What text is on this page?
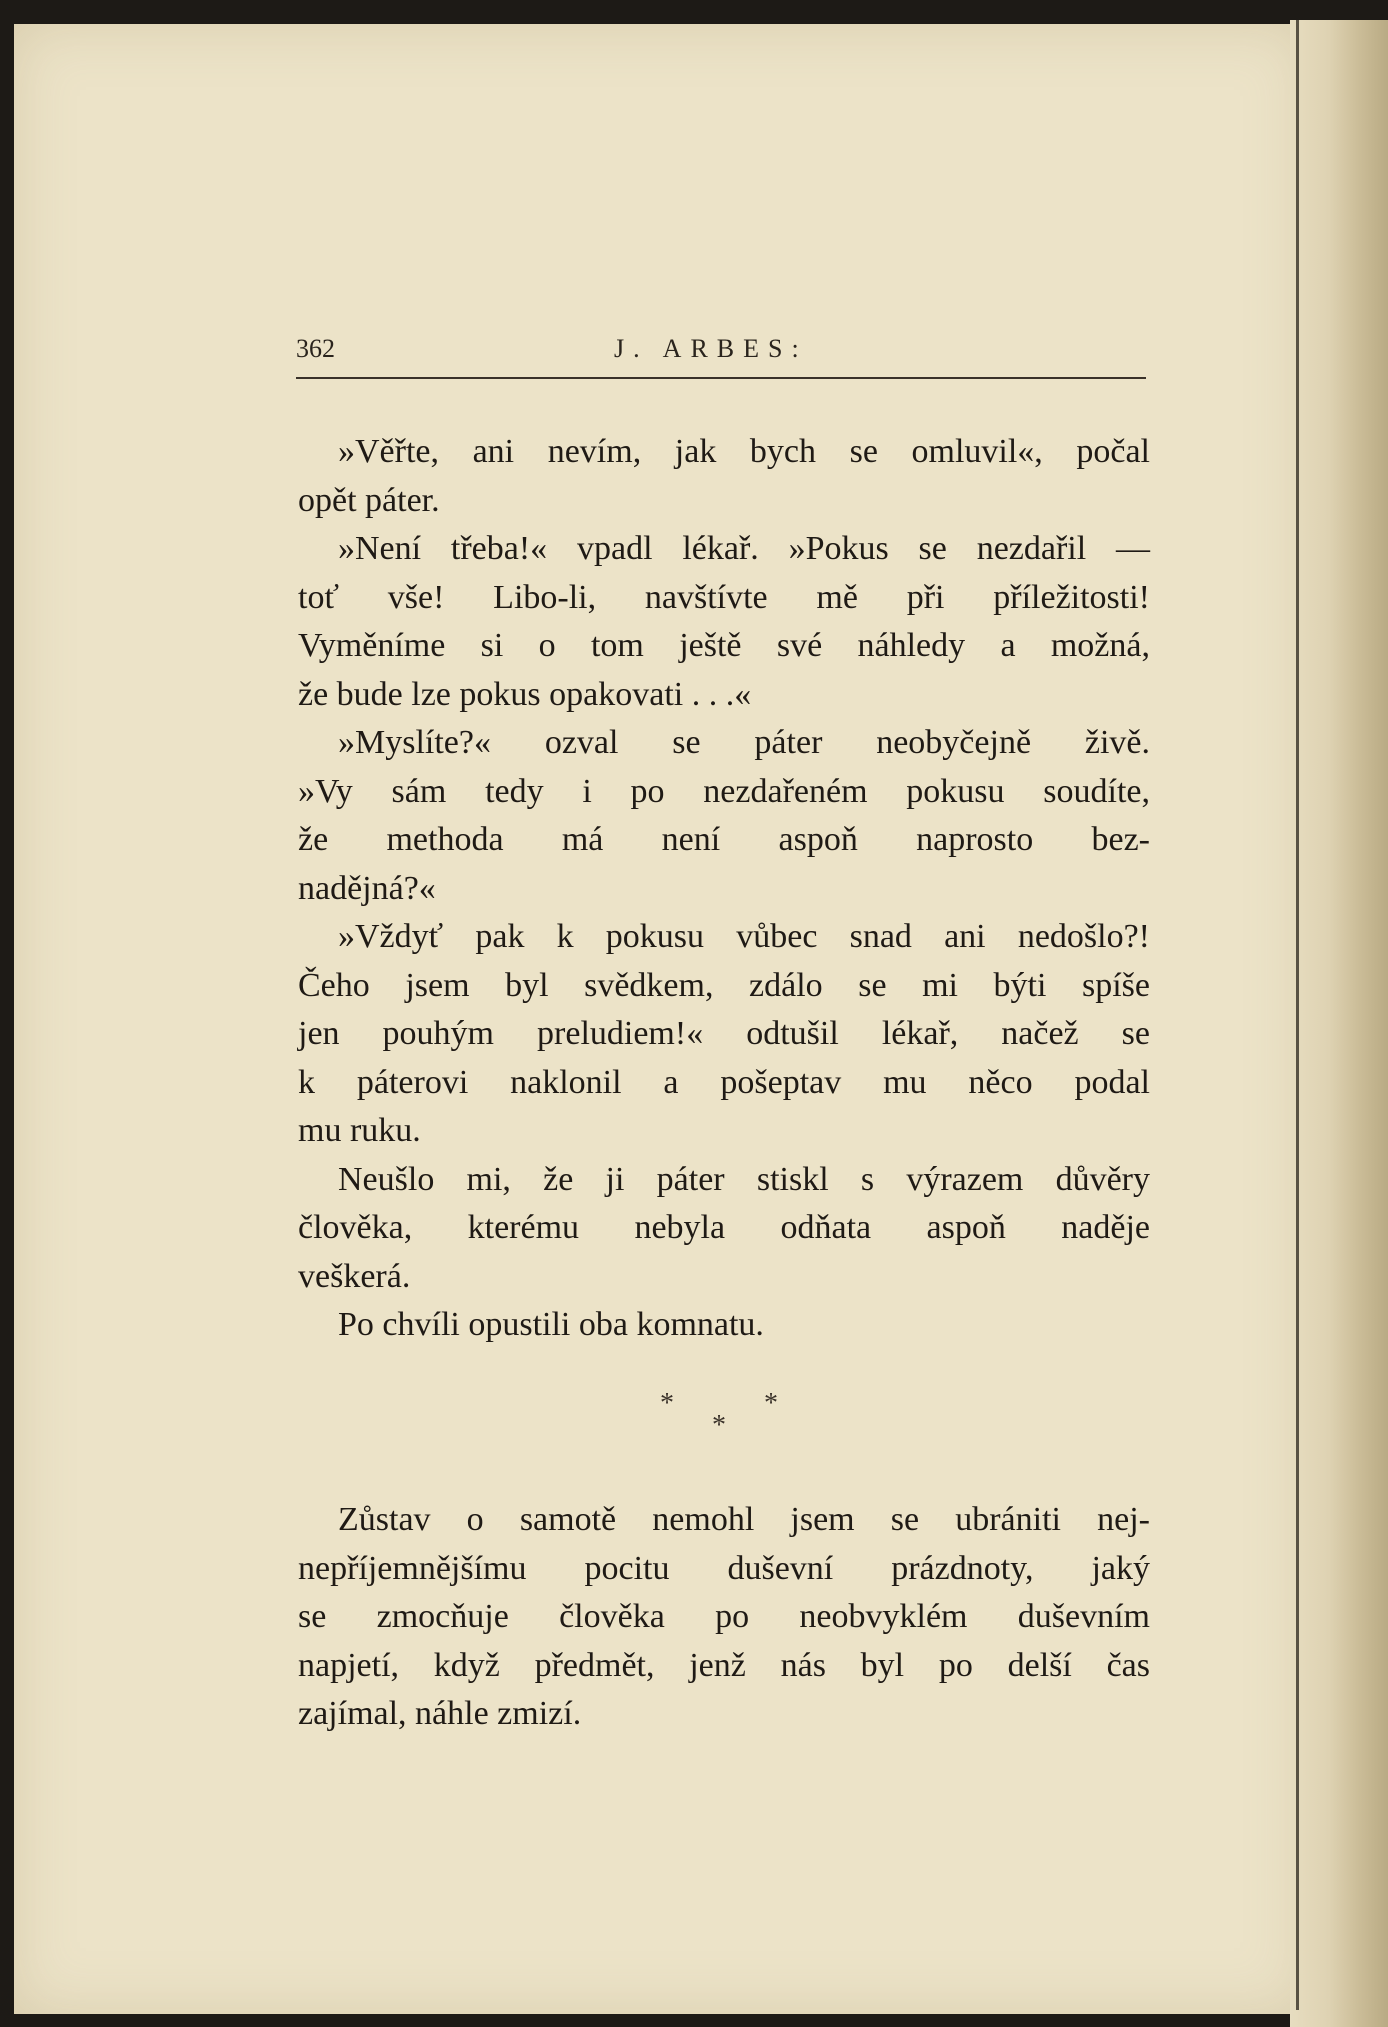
362	J. ARBES:
»Věřte, ani nevím, jak bych se omluvil«, počal
opět páter.
»Není třeba!« vpadl lékař. »Pokus se nezdařil —
toť vše! Libo-li, navštívte mě při příležitosti!
Vyměníme si o tom ještě své náhledy a možná,
že bude lze pokus opakovati . . .«
»Myslíte?« ozval se páter neobyčejně živě.
»Vy sám tedy i po nezdařeném pokusu soudíte,
že methoda má není aspoň naprosto bez-
nadějná?«
»Vždyť pak k pokusu vůbec snad ani nedošlo?!
Čeho jsem byl svědkem, zdálo se mi býti spíše
jen pouhým preludiem!« odtušil lékař, načež se
k páterovi naklonil a pošeptav mu něco podal
mu ruku.
Neušlo mi, že ji páter stiskl s výrazem důvěry
člověka, kterému nebyla odňata aspoň naděje
veškerá.
Po chvíli opustili oba komnatu.
*
*
*
Zůstav o samotě nemohl jsem se ubrániti nej-
nepříjemnějšímu pocitu duševní prázdnoty, jaký
se zmocňuje člověka po neobvyklém duševním
napjetí, když předmět, jenž nás byl po delší čas
zajímal, náhle zmizí.
